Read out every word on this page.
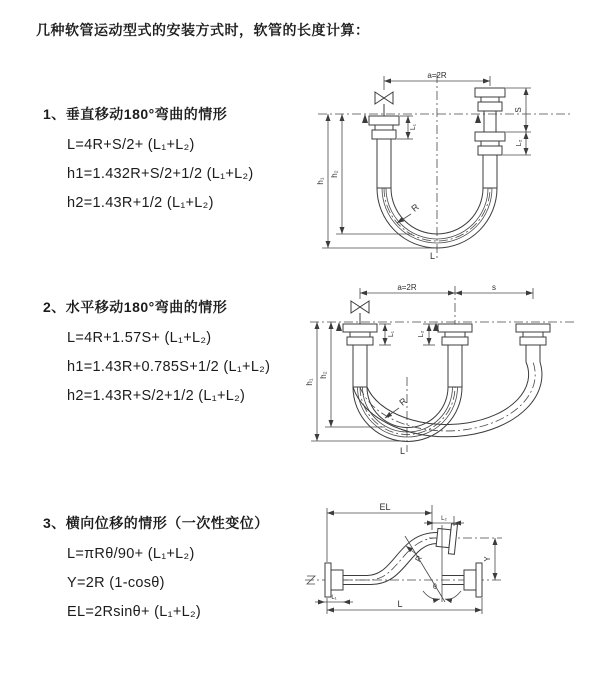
几种软管运动型式的安装方式时，软管的长度计算：
1、垂直移动180°弯曲的情形
L=4R+S/2+ (L₁+L₂)
h1=1.432R+S/2+1/2 (L₁+L₂)
h2=1.43R+1/2 (L₁+L₂)
a=2R
h₁
h₂
L₁
S
L₂
R
L
2、水平移动180°弯曲的情形
L=4R+1.57S+ (L₁+L₂)
h1=1.43R+0.785S+1/2 (L₁+L₂)
h2=1.43R+S/2+1/2 (L₁+L₂)
a=2R	s
h₁
h₂
L₁	L₂
R
L
3、横向位移的情形（一次性变位）
L=πRθ/90+ (L₁+L₂)
Y=2R (1-cosθ)
EL=2Rsinθ+ (L₁+L₂)
θ
R
EL
L₂
Y
L
L₁
